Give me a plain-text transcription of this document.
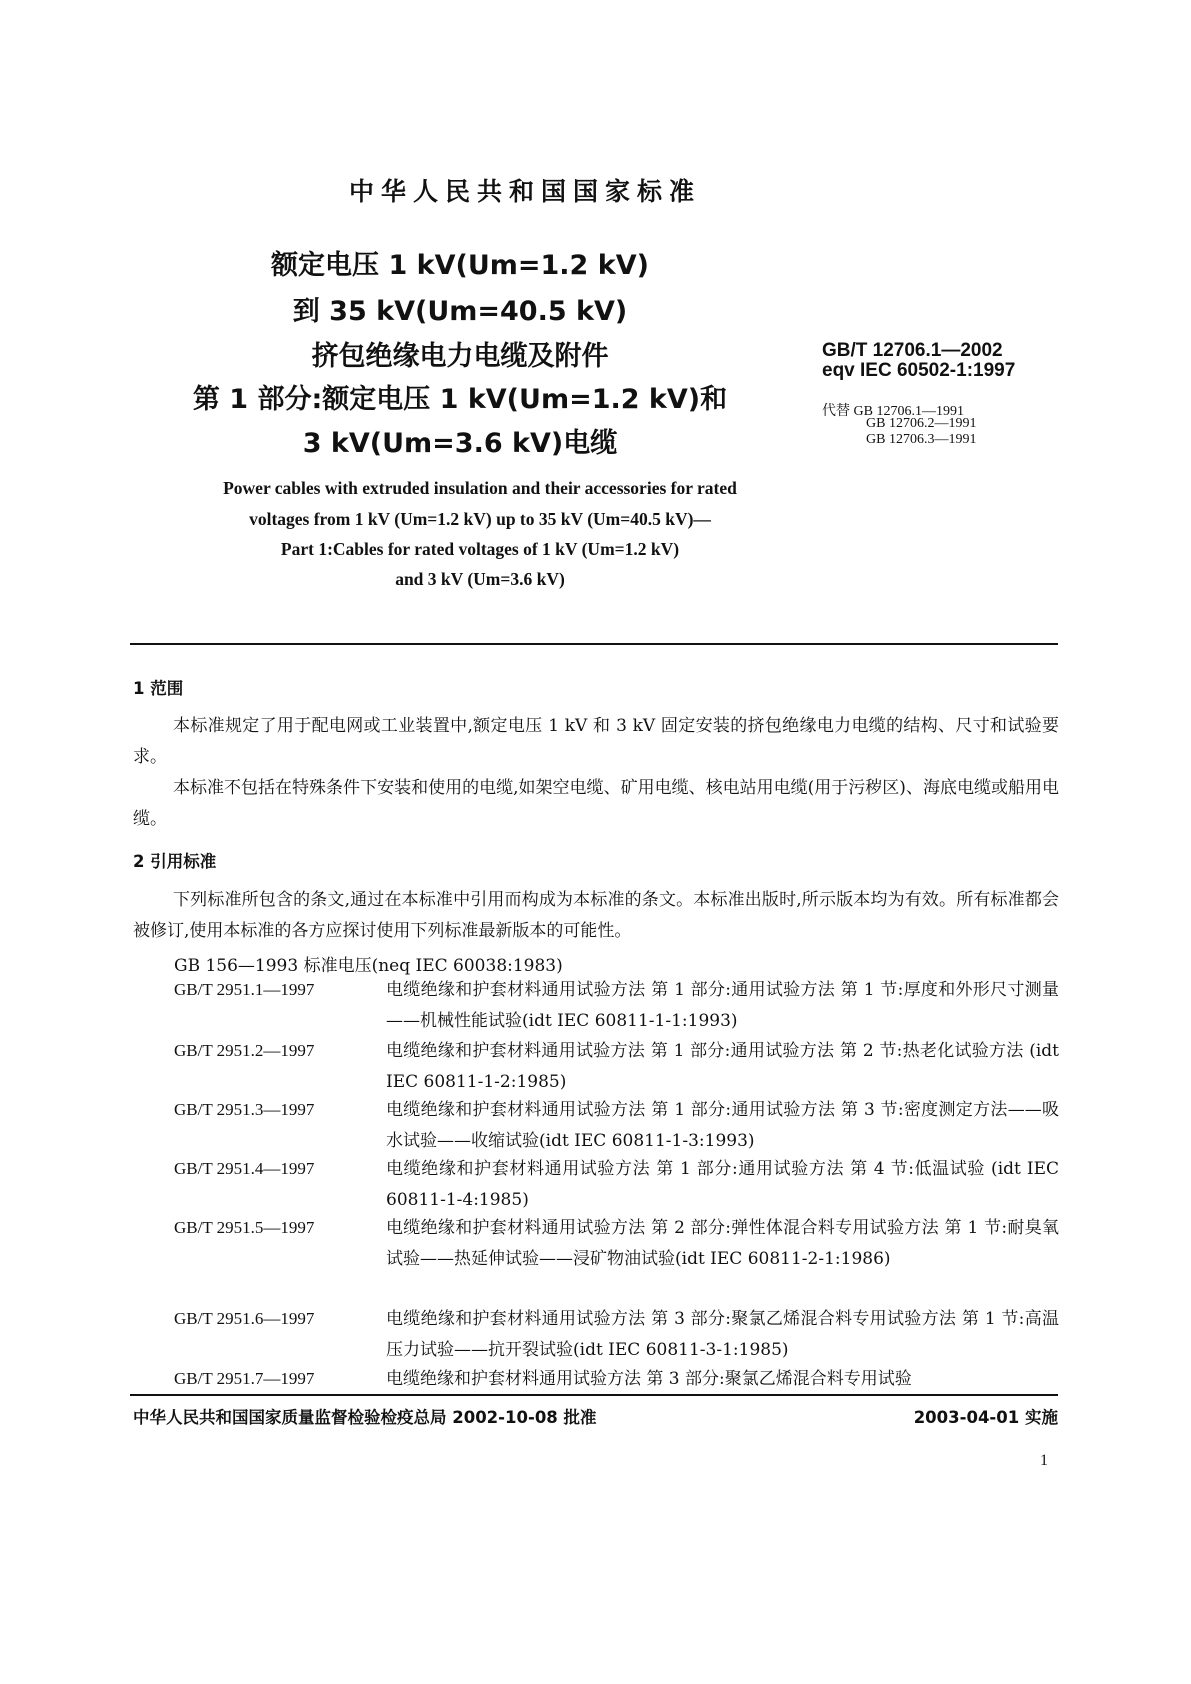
中华人民共和国国家标准
额定电压 1 kV(Um=1.2 kV)
到 35 kV(Um=40.5 kV)
挤包绝缘电力电缆及附件
第 1 部分:额定电压 1 kV(Um=1.2 kV)和
3 kV(Um=3.6 kV)电缆
GB/T 12706.1—2002
eqv IEC 60502-1:1997
代替 GB 12706.1—1991
GB 12706.2—1991
GB 12706.3—1991
Power cables with extruded insulation and their accessories for rated
voltages from 1 kV (Um=1.2 kV) up to 35 kV (Um=40.5 kV)—
Part 1:Cables for rated voltages of 1 kV (Um=1.2 kV)
and 3 kV (Um=3.6 kV)
1 范围
本标准规定了用于配电网或工业装置中,额定电压 1 kV 和 3 kV 固定安装的挤包绝缘电力电缆的结构、尺寸和试验要求。
本标准不包括在特殊条件下安装和使用的电缆,如架空电缆、矿用电缆、核电站用电缆(用于污秽区)、海底电缆或船用电缆。
2 引用标准
下列标准所包含的条文,通过在本标准中引用而构成为本标准的条文。本标准出版时,所示版本均为有效。所有标准都会被修订,使用本标准的各方应探讨使用下列标准最新版本的可能性。
GB 156—1993 标准电压(neq IEC 60038:1983)
GB/T 2951.1—1997	电缆绝缘和护套材料通用试验方法 第 1 部分:通用试验方法 第 1 节:厚度和外形尺寸测量——机械性能试验(idt IEC 60811-1-1:1993)
GB/T 2951.2—1997	电缆绝缘和护套材料通用试验方法 第 1 部分:通用试验方法 第 2 节:热老化试验方法 (idt IEC 60811-1-2:1985)
GB/T 2951.3—1997	电缆绝缘和护套材料通用试验方法 第 1 部分:通用试验方法 第 3 节:密度测定方法——吸水试验——收缩试验(idt IEC 60811-1-3:1993)
GB/T 2951.4—1997	电缆绝缘和护套材料通用试验方法 第 1 部分:通用试验方法 第 4 节:低温试验 (idt IEC 60811-1-4:1985)
GB/T 2951.5—1997	电缆绝缘和护套材料通用试验方法 第 2 部分:弹性体混合料专用试验方法 第 1 节:耐臭氧试验——热延伸试验——浸矿物油试验(idt IEC 60811-2-1:1986)
GB/T 2951.6—1997	电缆绝缘和护套材料通用试验方法 第 3 部分:聚氯乙烯混合料专用试验方法 第 1 节:高温压力试验——抗开裂试验(idt IEC 60811-3-1:1985)
GB/T 2951.7—1997	电缆绝缘和护套材料通用试验方法 第 3 部分:聚氯乙烯混合料专用试验
中华人民共和国国家质量监督检验检疫总局 2002-10-08 批准	2003-04-01 实施
1
